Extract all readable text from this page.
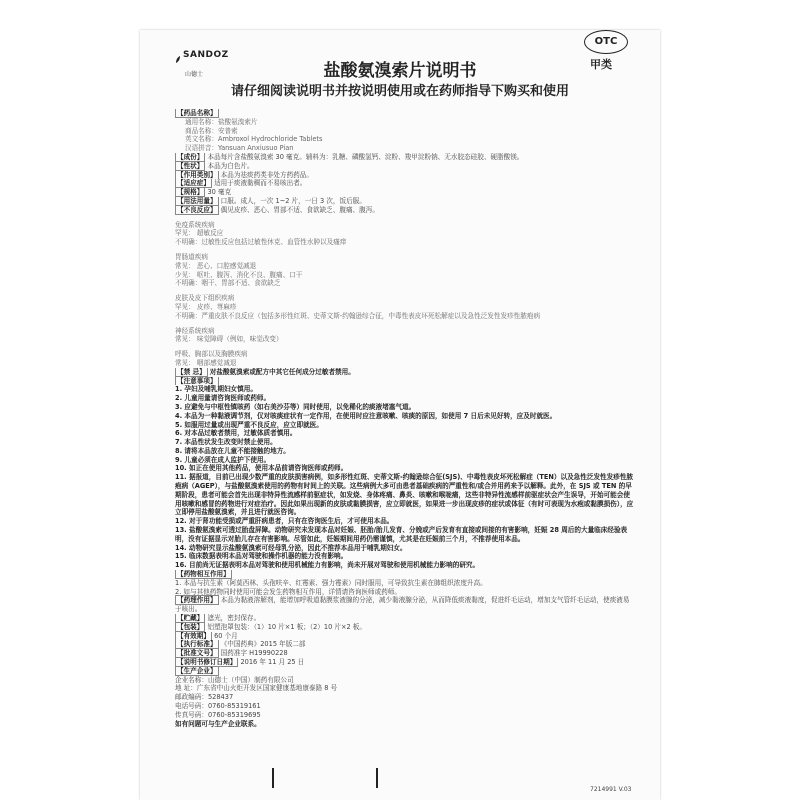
SANDOZ
山德士
OTC
甲类
盐酸氨溴索片说明书
请仔细阅读说明书并按说明使用或在药师指导下购买和使用
【药品名称】
通用名称：盐酸氨溴索片
商品名称：安普索
英文名称：Ambroxol Hydrochloride Tablets
汉语拼音：Yansuan Anxiusuo Pian
【成份】 本品每片含盐酸氨溴索 30 毫克。辅料为：乳糖、磷酸氢钙、淀粉、羧甲淀粉钠、无水胶态硅胶、硬脂酸镁。
【性状】 本品为白色片。
【作用类别】 本品为祛痰药类非处方药药品。
【适应症】 适用于痰液黏稠而不易咳出者。
【规格】 30 毫克
【用法用量】 口服。成人，一次 1~2 片，一日 3 次，饭后服。
【不良反应】 偶见皮疹、恶心、胃部不适、食欲缺乏、腹痛、腹泻。
免疫系统疾病
罕见： 超敏反应
不明确：过敏性反应包括过敏性休克、血管性水肿以及瘙痒
胃肠道疾病
常见： 恶心、口腔感觉减退
少见： 呕吐、腹泻、消化不良、腹痛、口干
不明确：咽干、胃部不适、食欲缺乏
皮肤及皮下组织疾病
罕见： 皮疹、荨麻疹
不明确：严重皮肤不良反应（包括多形性红斑、史蒂文斯-约翰逊综合征，中毒性表皮坏死松解症以及急性泛发性发疹性脓疱病
神经系统疾病
常见： 味觉障碍（例如，味觉改变）
呼吸、胸部以及胸膜疾病
常见： 咽部感觉减退
【禁 忌】 对盐酸氨溴索或配方中其它任何成分过敏者禁用。
【注意事项】
1. 孕妇及哺乳期妇女慎用。
2. 儿童用量请咨询医师或药师。
3. 应避免与中枢性镇咳药（如右美沙芬等）同时使用，以免稀化的痰液堵塞气道。
4. 本品为一种黏液调节剂，仅对咳痰症状有一定作用，在使用时应注意咳嗽、咳痰的原因，如使用 7 日后未见好转，应及时就医。
5. 如服用过量或出现严重不良反应，应立即就医。
6. 对本品过敏者禁用，过敏体质者慎用。
7. 本品性状发生改变时禁止使用。
8. 请将本品放在儿童不能接触的地方。
9. 儿童必须在成人监护下使用。
10. 如正在使用其他药品，使用本品前请咨询医师或药师。
11. 据报道，目前已出现少数严重的皮肤损害病例，如多形性红斑、史蒂文斯-约翰逊综合征(SJS)、中毒性表皮坏死松解症（TEN）以及急性泛发性发疹性脓疱病（AGEP），与盐酸氨溴索使用的药物有时间上的关联。这些病例大多可由患者基础疾病的严重性和/或合并用药来予以解释。此外，在 SJS 或 TEN 的早期阶段，患者可能会首先出现非特异性流感样前驱症状，如发烧、身体疼痛、鼻炎、咳嗽和喉咙痛，这些非特异性流感样前驱症状会产生误导，开始可能会使用咳嗽和感冒的药物进行对症治疗。因此如果出现新的皮肤或黏膜损害，应立即就医，如果进一步出现皮疹的症状或体征（有时可表现为水疱或黏膜损伤），应立即停用盐酸氨溴索，并且进行就医咨询。
12. 对于肾功能受损或严重肝病患者，只有在咨询医生后，才可使用本品。
13. 盐酸氨溴索可透过胎盘屏障。动物研究未发现本品对妊娠、胚胎/胎儿发育、分娩或产后发育有直接或间接的有害影响，妊娠 28 周后的大量临床经验表明，没有证据显示对胎儿存在有害影响。尽管如此，妊娠期间用药仍需谨慎，尤其是在妊娠前三个月，不推荐使用本品。
14. 动物研究显示盐酸氨溴索可经母乳分泌，因此不推荐本品用于哺乳期妇女。
15. 临床数据表明本品对驾驶和操作机器的能力没有影响。
16. 目前尚无证据表明本品对驾驶和使用机械能力有影响，尚未开展对驾驶和使用机械能力影响的研究。
【药物相互作用】
1. 本品与抗生素（阿莫西林、头孢呋辛、红霉素、强力霉素）同时服用，可导致抗生素在肺组织浓度升高。
2. 如与其他药物同时使用可能会发生药物相互作用，详情请咨询医师或药师。
【药理作用】 本品为黏液溶解剂，能增加呼吸道黏膜浆液腺的分泌，减少黏液腺分泌，从而降低痰液黏度，促进纤毛运动，增加支气管纤毛运动，使痰液易于咳出。
【贮藏】 遮光，密封保存。
【包装】 铝塑泡罩包装：（1）10 片×1 板；（2）10 片×2 板。
【有效期】 60 个月
【执行标准】 《中国药典》2015 年版二部
【批准文号】 国药准字 H19990228
【说明书修订日期】 2016 年 11 月 25 日
【生产企业】
企业名称：山德士（中国）制药有限公司
地 址：广东省中山火炬开发区国家健康基地康泰路 8 号
邮政编码：528437
电话号码：0760-85319161
传真号码：0760-85319695
如有问题可与生产企业联系。
7214991 V.03
